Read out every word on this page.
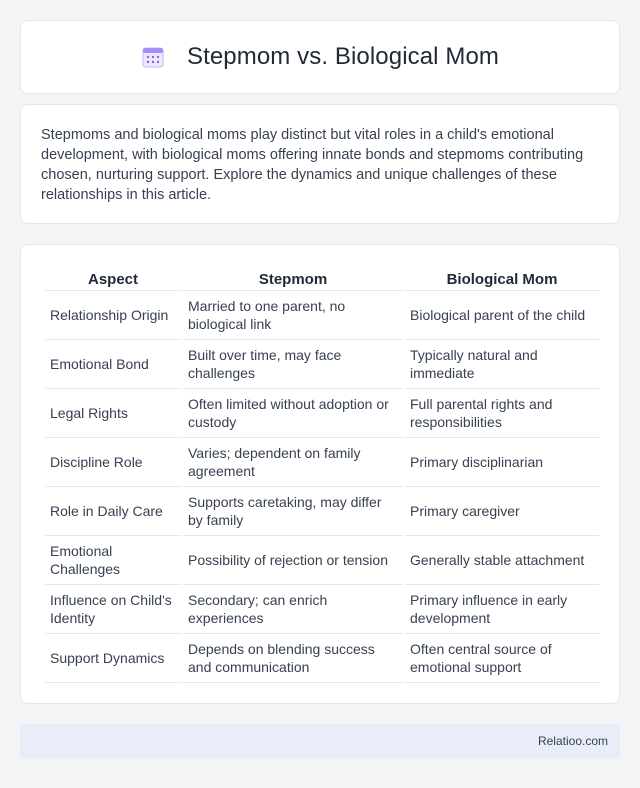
Stepmom vs. Biological Mom

Stepmoms and biological moms play distinct but vital roles in a child's emotional development, with biological moms offering innate bonds and stepmoms contributing chosen, nurturing support. Explore the dynamics and unique challenges of these relationships in this article.

Aspect	Stepmom	Biological Mom
Relationship Origin	Married to one parent, no biological link	Biological parent of the child
Emotional Bond	Built over time, may face challenges	Typically natural and immediate
Legal Rights	Often limited without adoption or custody	Full parental rights and responsibilities
Discipline Role	Varies; dependent on family agreement	Primary disciplinarian
Role in Daily Care	Supports caretaking, may differ by family	Primary caregiver
Emotional Challenges	Possibility of rejection or tension	Generally stable attachment
Influence on Child's Identity	Secondary; can enrich experiences	Primary influence in early development
Support Dynamics	Depends on blending success and communication	Often central source of emotional support
Relatioo.com
